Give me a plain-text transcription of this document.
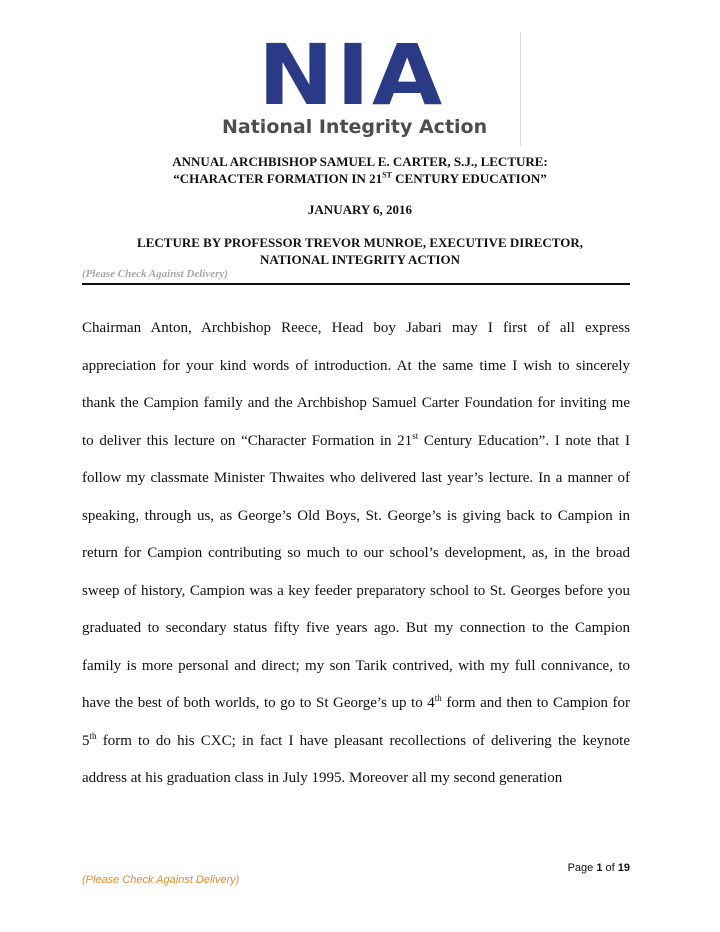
NIA
National Integrity Action
ANNUAL ARCHBISHOP SAMUEL E. CARTER, S.J., LECTURE:
“CHARACTER FORMATION IN 21ST CENTURY EDUCATION”
JANUARY 6, 2016
LECTURE BY PROFESSOR TREVOR MUNROE, EXECUTIVE DIRECTOR,
NATIONAL INTEGRITY ACTION
(Please Check Against Delivery)

Chairman Anton, Archbishop Reece, Head boy Jabari may I first of all express appreciation for your kind words of introduction. At the same time I wish to sincerely thank the Campion family and the Archbishop Samuel Carter Foundation for inviting me to deliver this lecture on “Character Formation in 21st Century Education”. I note that I follow my classmate Minister Thwaites who delivered last year’s lecture. In a manner of speaking, through us, as George’s Old Boys, St. George’s is giving back to Campion in return for Campion contributing so much to our school’s development, as, in the broad sweep of history, Campion was a key feeder preparatory school to St. Georges before you graduated to secondary status fifty five years ago. But my connection to the Campion family is more personal and direct; my son Tarik contrived, with my full connivance, to have the best of both worlds, to go to St George’s up to 4th form and then to Campion for 5th form to do his CXC; in fact I have pleasant recollections of delivering the keynote address at his graduation class in July 1995. Moreover all my second generation

Page 1 of 19
(Please Check Against Delivery)
